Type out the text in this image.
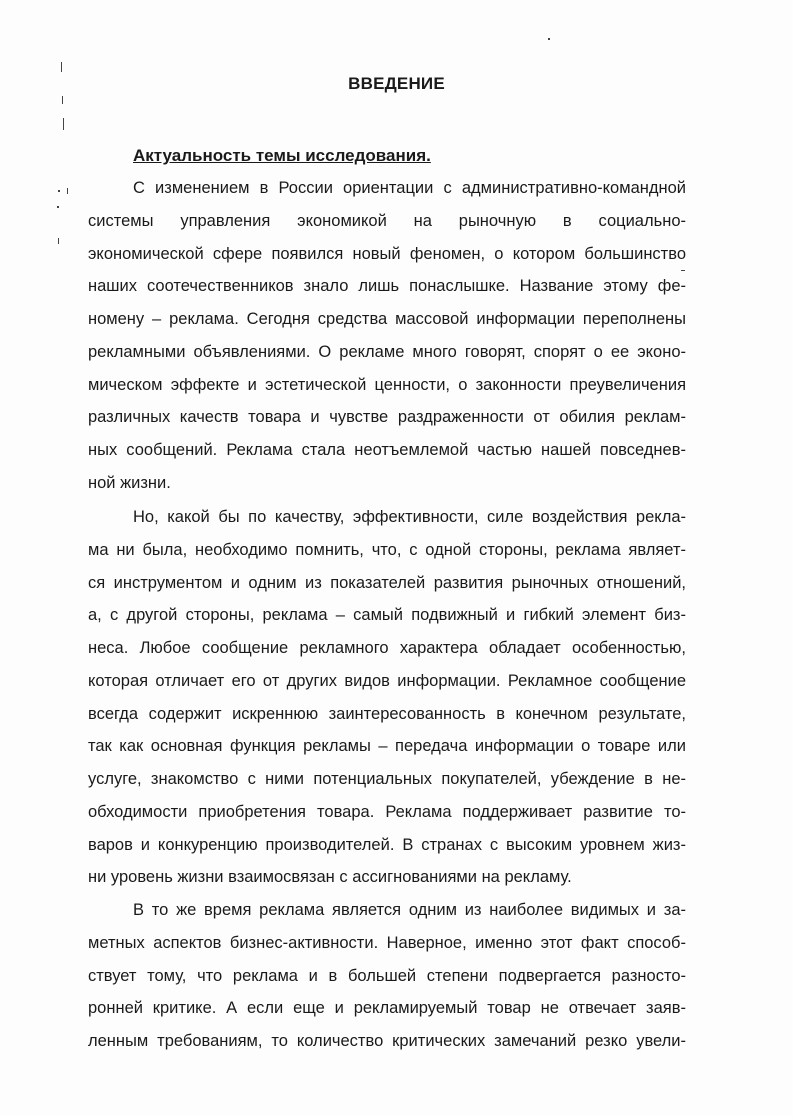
ВВЕДЕНИЕ
Актуальность темы исследования.
С изменением в России ориентации с административно-командной
системы управления экономикой на рыночную в социально-
экономической сфере появился новый феномен, о котором большинство
наших соотечественников знало лишь понаслышке. Название этому фе-
номену – реклама. Сегодня средства массовой информации переполнены
рекламными объявлениями. О рекламе много говорят, спорят о ее эконо-
мическом эффекте и эстетической ценности, о законности преувеличения
различных качеств товара и чувстве раздраженности от обилия реклам-
ных сообщений. Реклама стала неотъемлемой частью нашей повседнев-
ной жизни.
Но, какой бы по качеству, эффективности, силе воздействия рекла-
ма ни была, необходимо помнить, что, с одной стороны, реклама являет-
ся инструментом и одним из показателей развития рыночных отношений,
а, с другой стороны, реклама – самый подвижный и гибкий элемент биз-
неса. Любое сообщение рекламного характера обладает особенностью,
которая отличает его от других видов информации. Рекламное сообщение
всегда содержит искреннюю заинтересованность в конечном результате,
так как основная функция рекламы – передача информации о товаре или
услуге, знакомство с ними потенциальных покупателей, убеждение в не-
обходимости приобретения товара. Реклама поддерживает развитие то-
варов и конкуренцию производителей. В странах с высоким уровнем жиз-
ни уровень жизни взаимосвязан с ассигнованиями на рекламу.
В то же время реклама является одним из наиболее видимых и за-
метных аспектов бизнес-активности. Наверное, именно этот факт способ-
ствует тому, что реклама и в большей степени подвергается разносто-
ронней критике. А если еще и рекламируемый товар не отвечает заяв-
ленным требованиям, то количество критических замечаний резко увели-
